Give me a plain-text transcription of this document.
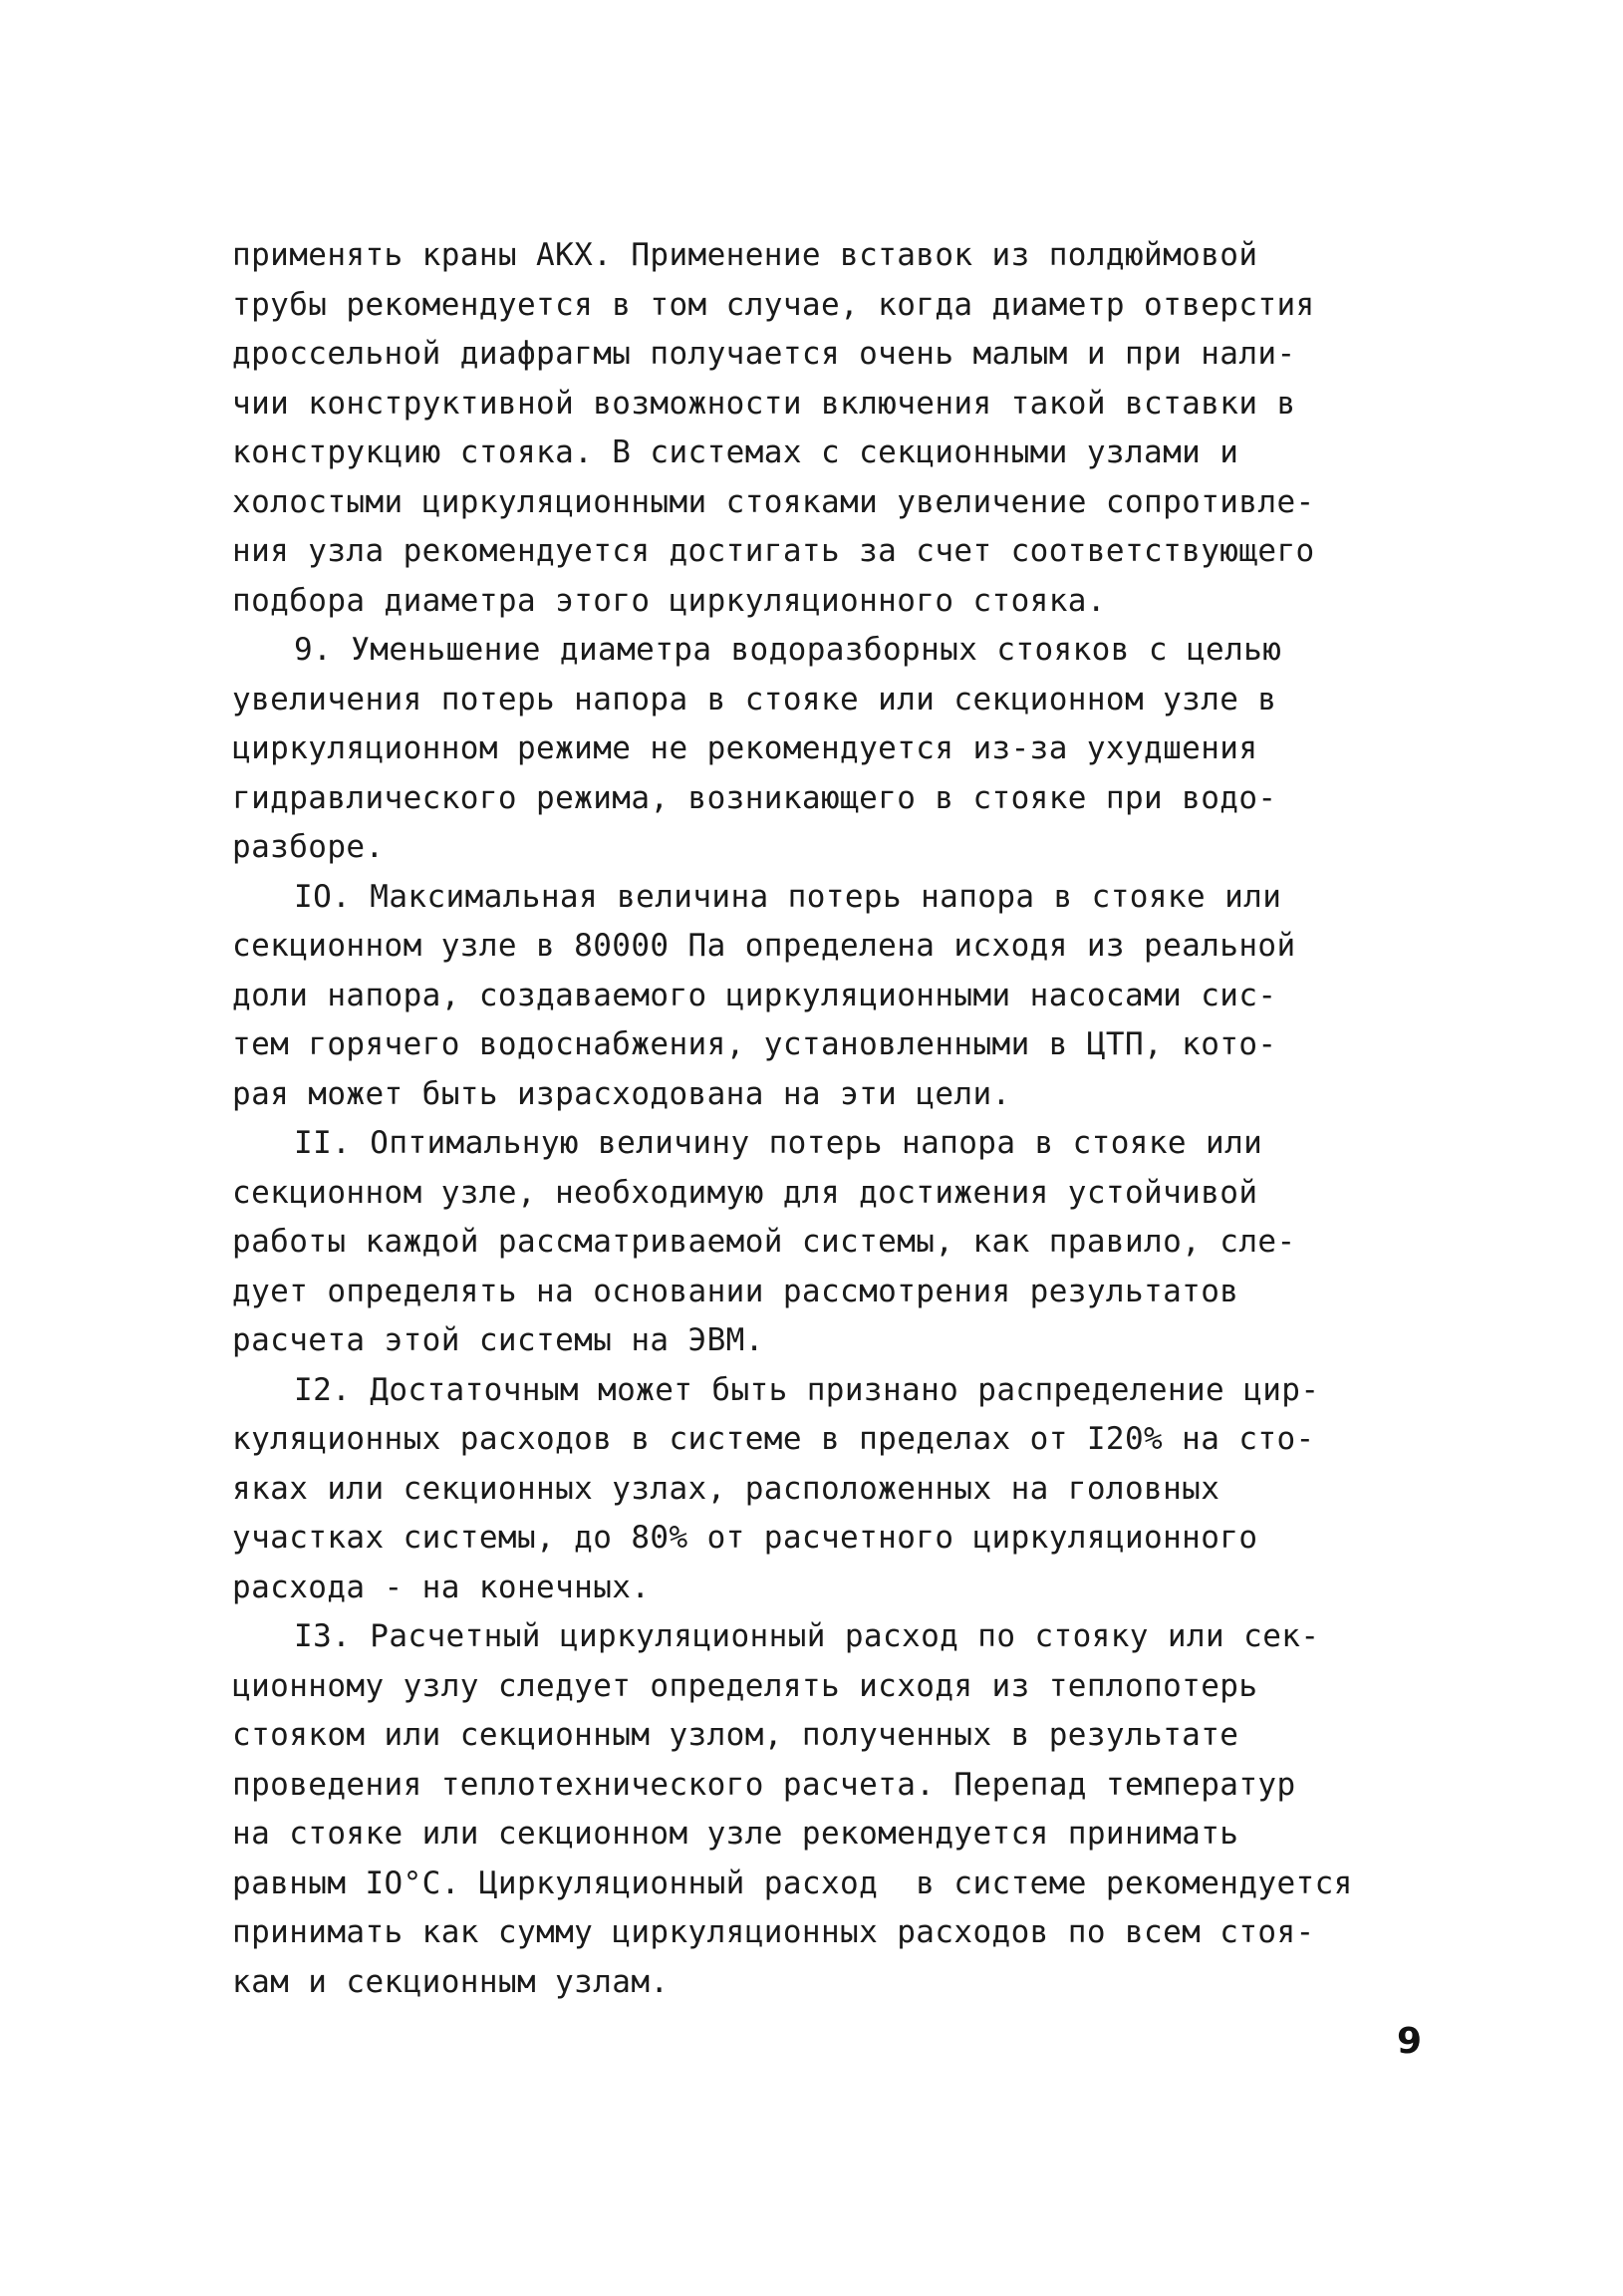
применять краны АКХ. Применение вставок из полдюймовой
трубы рекомендуется в том случае, когда диаметр отверстия
дроссельной диафрагмы получается очень малым и при нали-
чии конструктивной возможности включения такой вставки в
конструкцию стояка. В системах с секционными узлами и
холостыми циркуляционными стояками увеличение сопротивле-
ния узла рекомендуется достигать за счет соответствующего
подбора диаметра этого циркуляционного стояка.
9. Уменьшение диаметра водоразборных стояков с целью
увеличения потерь напора в стояке или секционном узле в
циркуляционном режиме не рекомендуется из-за ухудшения
гидравлического режима, возникающего в стояке при водо-
разборе.
IO. Максимальная величина потерь напора в стояке или
секционном узле в 80000 Па определена исходя из реальной
доли напора, создаваемого циркуляционными насосами сис-
тем горячего водоснабжения, установленными в ЦТП, кото-
рая может быть израсходована на эти цели.
II. Оптимальную величину потерь напора в стояке или
секционном узле, необходимую для достижения устойчивой
работы каждой рассматриваемой системы, как правило, сле-
дует определять на основании рассмотрения результатов
расчета этой системы на ЭВМ.
I2. Достаточным может быть признано распределение цир-
куляционных расходов в системе в пределах от I20% на сто-
яках или секционных узлах, расположенных на головных
участках системы, до 80% от расчетного циркуляционного
расхода - на конечных.
I3. Расчетный циркуляционный расход по стояку или сек-
ционному узлу следует определять исходя из теплопотерь
стояком или секционным узлом, полученных в результате
проведения теплотехнического расчета. Перепад температур
на стояке или секционном узле рекомендуется принимать
равным IO°C. Циркуляционный расход  в системе рекомендуется
принимать как сумму циркуляционных расходов по всем стоя-
кам и секционным узлам.
9
